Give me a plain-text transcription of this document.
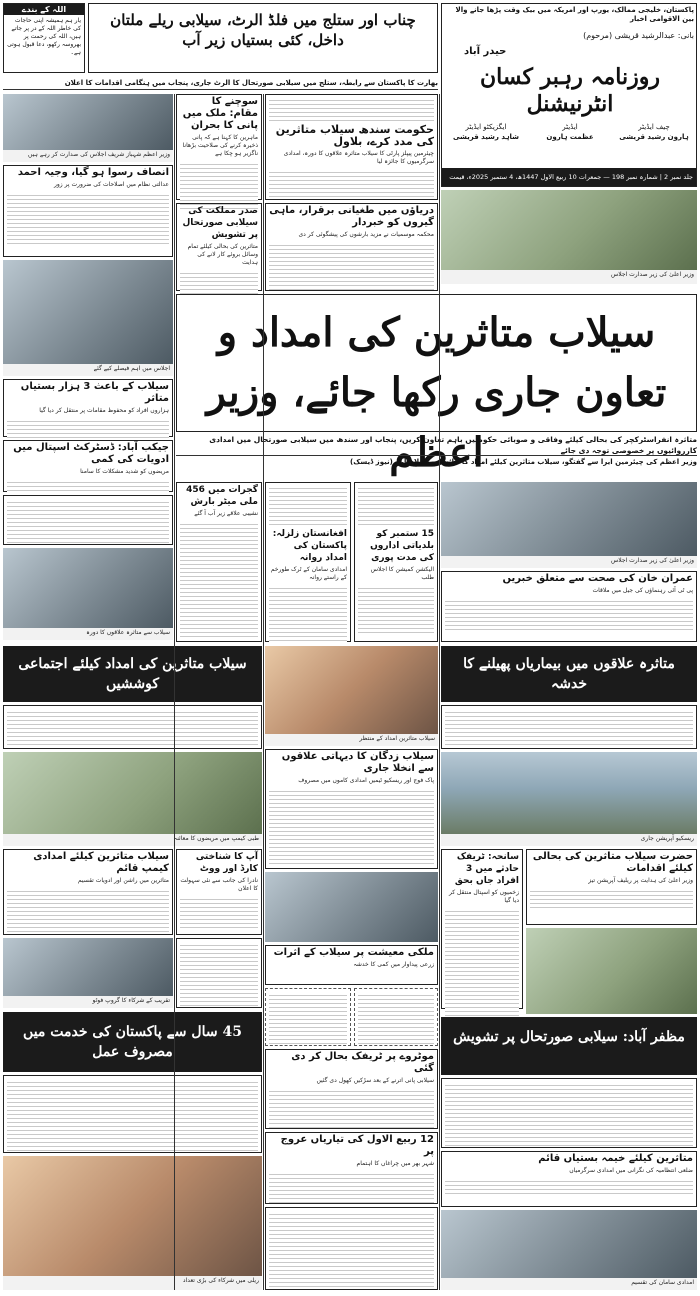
پاکستان، خلیجی ممالک، یورپ اور امریکہ میں بیک وقت پڑھا جانے والا بین الاقوامی اخبار
بانی: عبدالرشید قریشی (مرحوم)
حیدر آباد
روزنامہ رہبر کسان انٹرنیشنل
چیف ایڈیٹر
ہارون رشید قریشی
ایڈیٹر
عظمت ہارون
ایگزیکٹو ایڈیٹر
شاہد رشید قریشی
جلد نمبر 2 | شمارہ نمبر 198 — جمعرات 10 ربیع الاول 1447ھ، 4 ستمبر 2025ء، قیمت
چناب اور ستلج میں فلڈ الرٹ، سیلابی ریلے ملتان داخل، کئی بستیاں زیر آب
اللہ کے بندے
یار ہم ہمیشہ اپنی حاجات کی خاطر اللہ کے در پر جاتے ہیں، اللہ کی رحمت پر بھروسہ رکھو، دعا قبول ہوتی ہے۔
بھارت کا پاکستان سے رابطہ، ستلج میں سیلابی صورتحال کا الرٹ جاری، پنجاب میں ہنگامی اقدامات کا اعلان
وزیر اعظم شہباز شریف اجلاس کی صدارت کر رہے ہیں
سوچنے کا مقام: ملک میں پانی کا بحران
ماہرین کا کہنا ہے کہ پانی ذخیرہ کرنے کی صلاحیت بڑھانا ناگزیر ہو چکا ہے
حکومت سندھ سیلاب متاثرین کی مدد کرے، بلاول
چیئرمین پیپلز پارٹی کا سیلاب متاثرہ علاقوں کا دورہ، امدادی سرگرمیوں کا جائزہ لیا
انصاف رسوا ہو گیا، وجیہ احمد
عدالتی نظام میں اصلاحات کی ضرورت پر زور
دریاؤں میں طغیانی برقرار، ماہی گیروں کو خبردار
محکمہ موسمیات نے مزید بارشوں کی پیشگوئی کر دی
صدر مملکت کی سیلابی صورتحال پر تشویش
متاثرین کی بحالی کیلئے تمام وسائل بروئے کار لانے کی ہدایت
اجلاس میں اہم فیصلے کیے گئے
وزیر اعلیٰ کی زیر صدارت اجلاس
سیلاب متاثرین کی امداد و تعاون جاری رکھا جائے، وزیر اعظم
متاثرہ انفراسٹرکچر کی بحالی کیلئے وفاقی و صوبائی حکومتیں باہم تعاون کریں، پنجاب اور سندھ میں سیلابی صورتحال میں امدادی کارروائیوں پر خصوصی توجہ دی جائے
وزیر اعظم کی چیئرمین ایرا سے گفتگو، سیلاب متاثرین کیلئے امداد کا جائزہ — اسلام آباد (نیوز ڈیسک)
سیلاب کے باعث 3 ہزار بستیاں متاثر
ہزاروں افراد کو محفوظ مقامات پر منتقل کر دیا گیا
جیکب آباد: ڈسٹرکٹ اسپتال میں ادویات کی کمی
مریضوں کو شدید مشکلات کا سامنا
سیلاب سے متاثرہ علاقوں کا دورہ
گجرات میں 456 ملی میٹر بارش
نشیبی علاقے زیر آب آ گئے
افغانستان زلزلہ: پاکستان کی امداد روانہ
امدادی سامان کے ٹرک طورخم کے راستے روانہ
15 ستمبر کو بلدیاتی اداروں کی مدت پوری
الیکشن کمیشن کا اجلاس طلب
وزیر اعلیٰ کی زیر صدارت اجلاس
عمران خان کی صحت سے متعلق خبریں
پی ٹی آئی رہنماؤں کی جیل میں ملاقات
سیلاب متاثرین کی امداد کیلئے اجتماعی کوششیں
متاثرہ علاقوں میں بیماریاں پھیلنے کا خدشہ
سیلاب متاثرین امداد کے منتظر
طبی کیمپ میں مریضوں کا معائنہ
سیلاب زدگان کا دیہاتی علاقوں سے انخلا جاری
پاک فوج اور ریسکیو ٹیمیں امدادی کاموں میں مصروف
ریسکیو آپریشن جاری
سیلاب متاثرین کیلئے امدادی کیمپ قائم
متاثرین میں راشن اور ادویات تقسیم
آپ کا شناختی کارڈ اور ووٹ
نادرا کی جانب سے نئی سہولت کا اعلان
حضرت سیلاب متاثرین کی بحالی کیلئے اقدامات
وزیر اعلیٰ کی ہدایت پر ریلیف آپریشن تیز
سانحہ: ٹریفک حادثے میں 3 افراد جاں بحق
زخمیوں کو اسپتال منتقل کر دیا گیا
تقریب کے شرکاء کا گروپ فوٹو
ملکی معیشت پر سیلاب کے اثرات
زرعی پیداوار میں کمی کا خدشہ
45 سال سے پاکستان کی خدمت میں مصروف عمل
مظفر آباد: سیلابی صورتحال پر تشویش
موٹروے پر ٹریفک بحال کر دی گئی
سیلابی پانی اترنے کے بعد سڑکیں کھول دی گئیں
12 ربیع الاول کی تیاریاں عروج پر
شہر بھر میں چراغاں کا اہتمام	متاثرین کیلئے خیمہ بستیاں قائم
ضلعی انتظامیہ کی نگرانی میں امدادی سرگرمیاں
ریلی میں شرکاء کی بڑی تعداد	امدادی سامان کی تقسیم
